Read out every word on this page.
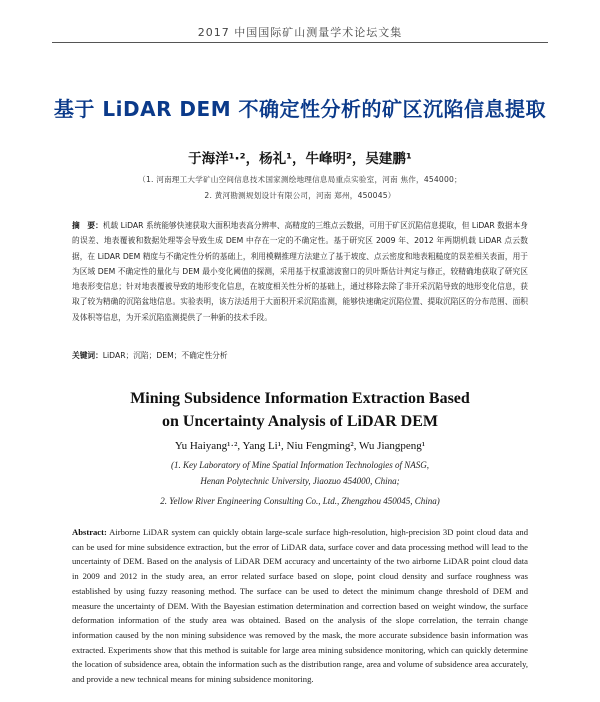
2017 中国国际矿山测量学术论坛文集
基于 LiDAR DEM 不确定性分析的矿区沉陷信息提取
于海洋¹·²，杨礼¹，牛峰明²，吴建鹏¹
（1. 河南理工大学矿山空间信息技术国家测绘地理信息局重点实验室，河南 焦作，454000；
2. 黄河勘测规划设计有限公司，河南 郑州，450045）
摘　要：机载 LiDAR 系统能够快速获取大面积地表高分辨率、高精度的三维点云数据，可用于矿区沉陷信息提取，但 LiDAR 数据本身的误差、地表覆被和数据处理等会导致生成 DEM 中存在一定的不确定性。基于研究区 2009 年、2012 年两期机载 LiDAR 点云数据，在 LiDAR DEM 精度与不确定性分析的基础上，利用模糊推理方法建立了基于坡度、点云密度和地表粗糙度的误差相关表面，用于为区域 DEM 不确定性的量化与 DEM 最小变化阈值的探测，采用基于权重滤波窗口的贝叶斯估计判定与修正，较精确地获取了研究区地表形变信息；针对地表覆被导致的地形变化信息，在坡度相关性分析的基础上，通过移除去除了非开采沉陷导致的地形变化信息，获取了较为精确的沉陷盆地信息。实验表明，该方法适用于大面积开采沉陷监测，能够快速确定沉陷位置、提取沉陷区的分布范围、面积及体积等信息，为开采沉陷监测提供了一种新的技术手段。
关键词：LiDAR；沉陷；DEM；不确定性分析
Mining Subsidence Information Extraction Based
on Uncertainty Analysis of LiDAR DEM
Yu Haiyang¹·², Yang Li¹, Niu Fengming², Wu Jiangpeng¹
(1. Key Laboratory of Mine Spatial Information Technologies of NASG,
Henan Polytechnic University, Jiaozuo 454000, China;
2. Yellow River Engineering Consulting Co., Ltd., Zhengzhou 450045, China)
Abstract: Airborne LiDAR system can quickly obtain large-scale surface high-resolution, high-precision 3D point cloud data and can be used for mine subsidence extraction, but the error of LiDAR data, surface cover and data processing method will lead to the uncertainty of DEM. Based on the analysis of LiDAR DEM accuracy and uncertainty of the two airborne LiDAR point cloud data in 2009 and 2012 in the study area, an error related surface based on slope, point cloud density and surface roughness was established by using fuzzy reasoning method. The surface can be used to detect the minimum change threshold of DEM and measure the uncertainty of DEM. With the Bayesian estimation determination and correction based on weight window, the surface deformation information of the study area was obtained. Based on the analysis of the slope correlation, the terrain change information caused by the non mining subsidence was removed by the mask, the more accurate subsidence basin information was extracted. Experiments show that this method is suitable for large area mining subsidence monitoring, which can quickly determine the location of subsidence area, obtain the information such as the distribution range, area and volume of subsidence area accurately, and provide a new technical means for mining subsidence monitoring.
